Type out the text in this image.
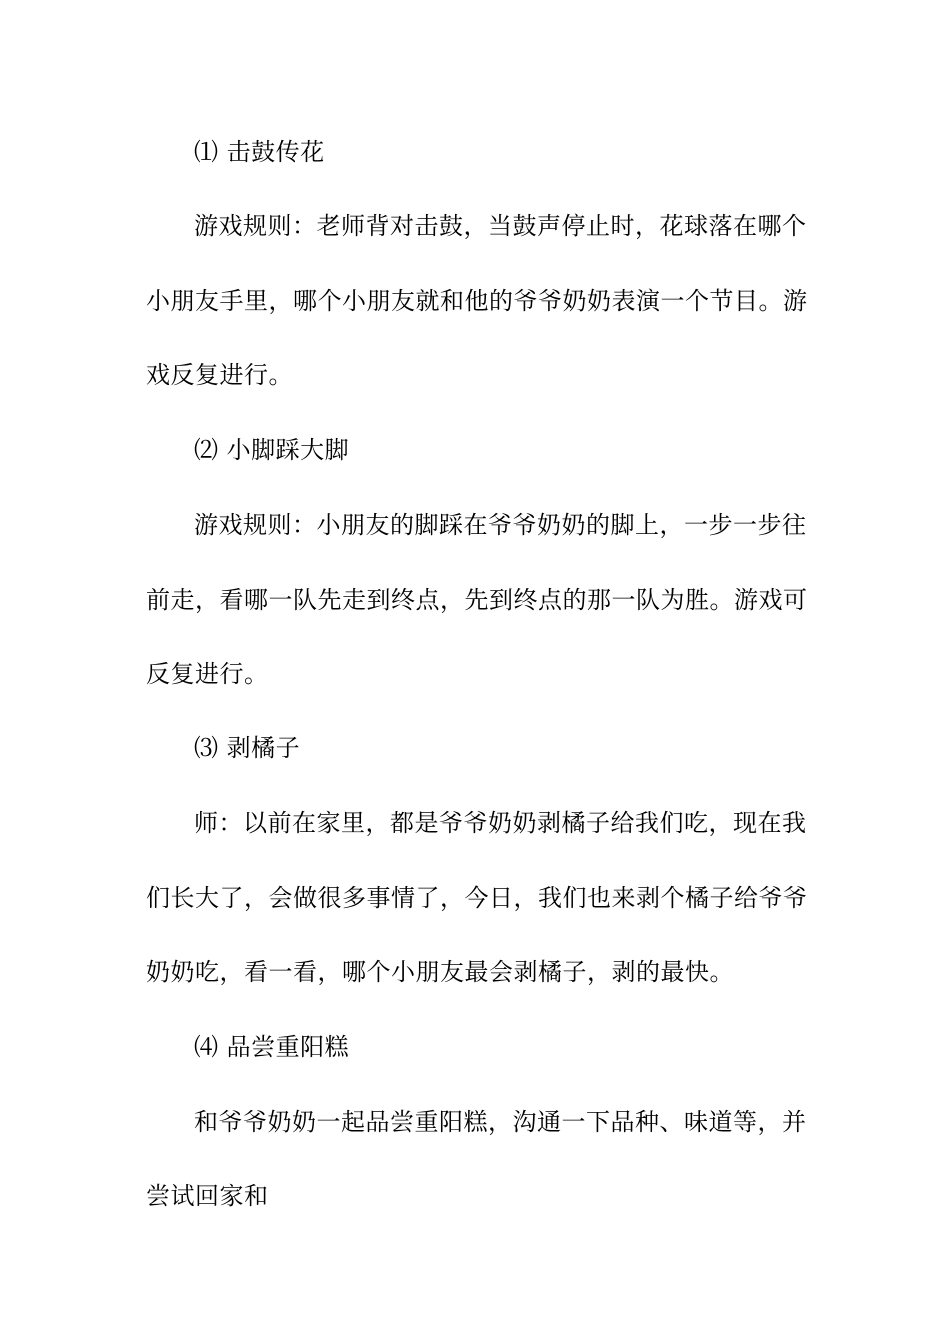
⑴ 击鼓传花
游戏规则：老师背对击鼓，当鼓声停止时，花球落在哪个
小朋友手里，哪个小朋友就和他的爷爷奶奶表演一个节目。游
戏反复进行。
⑵ 小脚踩大脚
游戏规则：小朋友的脚踩在爷爷奶奶的脚上，一步一步往
前走，看哪一队先走到终点，先到终点的那一队为胜。游戏可
反复进行。
⑶ 剥橘子
师：以前在家里，都是爷爷奶奶剥橘子给我们吃，现在我
们长大了，会做很多事情了，今日，我们也来剥个橘子给爷爷
奶奶吃，看一看，哪个小朋友最会剥橘子，剥的最快。
⑷ 品尝重阳糕
和爷爷奶奶一起品尝重阳糕，沟通一下品种、味道等，并
尝试回家和
